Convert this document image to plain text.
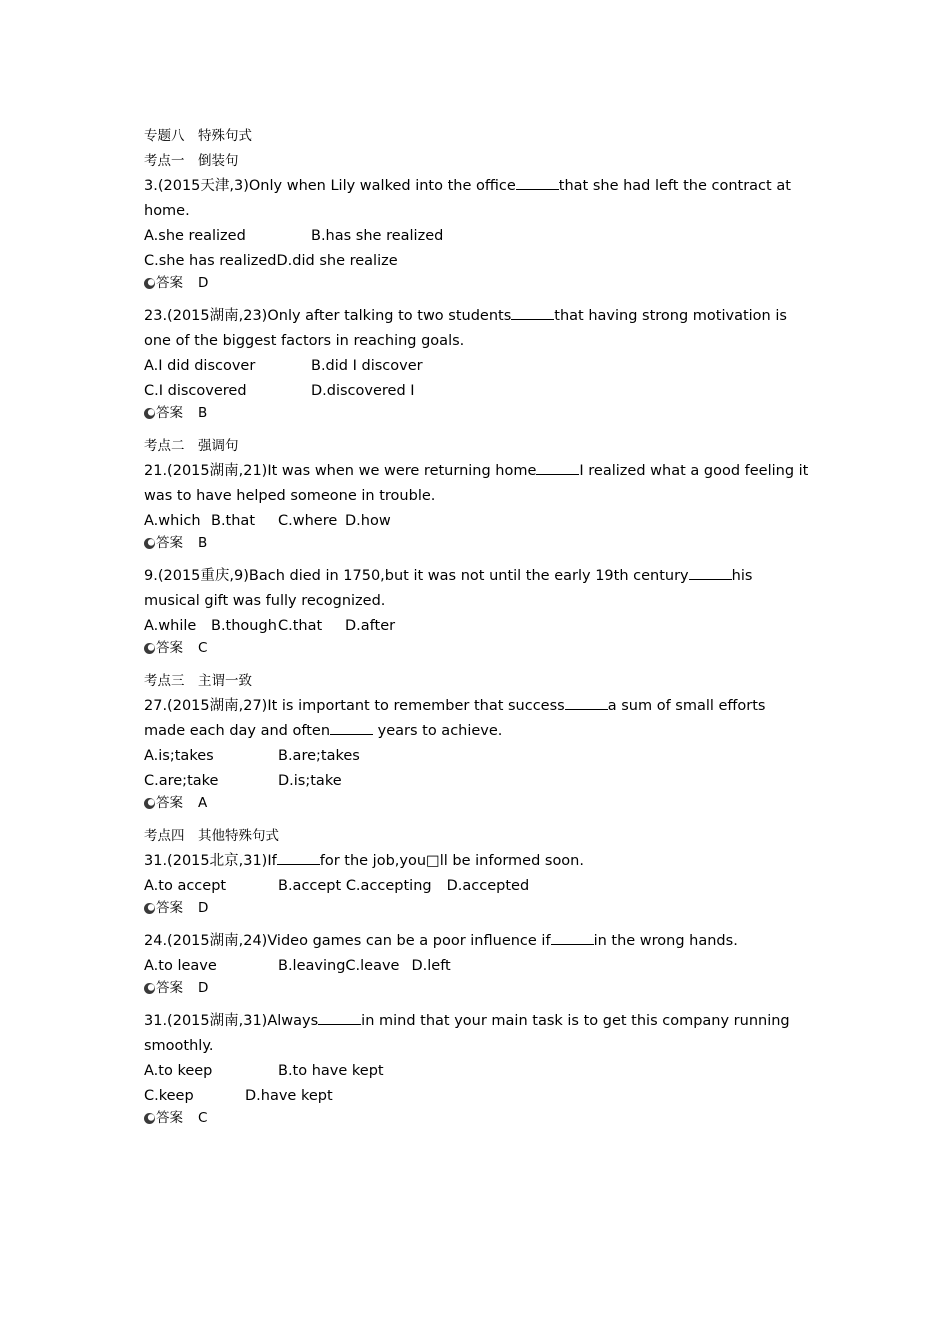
专题八　特殊句式
考点一　倒装句
3.(2015天津,3)Only when Lily walked into the office	that she had left the contract at
home.
A.she realized	B.has she realized
C.she has realizedD.did she realize
答案 D
23.(2015湖南,23)Only after talking to two students	that having strong motivation is
one of the biggest factors in reaching goals.
A.I did discover	B.did I discover
C.I discovered	D.discovered I
答案 B
考点二　强调句
21.(2015湖南,21)It was when we were returning home	I realized what a good feeling it
was to have helped someone in trouble.
A.which B.that C.where D.how
答案 B
9.(2015重庆,9)Bach died in 1750,but it was not until the early 19th century	his
musical gift was fully recognized.
A.while B.thoughC.that D.after
答案 C
考点三　主谓一致
27.(2015湖南,27)It is important to remember that success	a sum of small efforts
made each day and often	years to achieve.
A.is;takes	B.are;takes
C.are;take	D.is;take
答案 A
考点四　其他特殊句式
31.(2015北京,31)If	for the job,you□ll be informed soon.
A.to accept	B.accept C.accepting D.accepted
答案 D
24.(2015湖南,24)Video games can be a poor influence if	in the wrong hands.
A.to leave	B.leavingC.leave D.left
答案 D
31.(2015湖南,31)Always	in mind that your main task is to get this company running
smoothly.
A.to keep	B.to have kept
C.keep	D.have kept
答案 C
